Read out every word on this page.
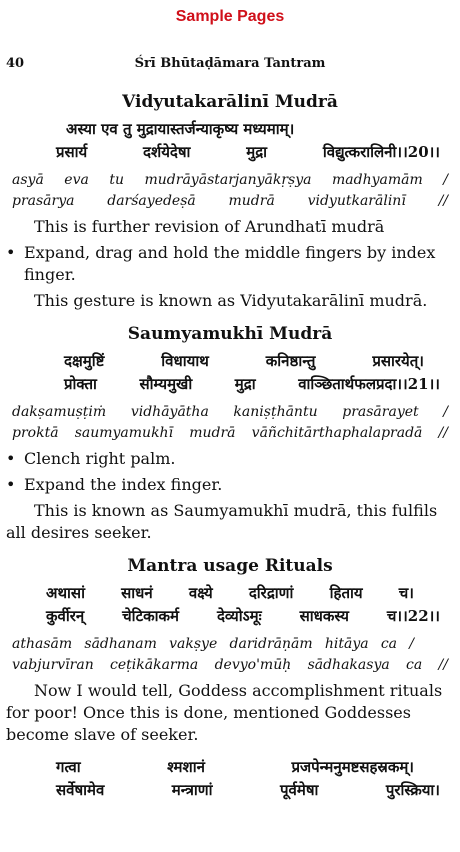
Sample Pages
40	Śrī Bhūtaḍāmara Tantram
Vidyutakarālinī Mudrā

अस्या एव तु मुद्रायास्तर्जन्याकृष्य मध्यमाम्।

प्रसार्य दर्शयेदेषा मुद्रा विद्युत्करालिनी।।20।।

asyā eva tu mudrāyāstarjanyākṛṣya madhyamām /
prasārya darśayedeṣā mudrā vidyutkarālinī //

This is further revision of Arundhatī mudrā

• Expand, drag and hold the middle fingers by index finger.

This gesture is known as Vidyutakarālinī mudrā.

Saumyamukhī Mudrā

दक्षमुष्टिं विधायाथ कनिष्ठान्तु प्रसारयेत्।

प्रोक्ता सौम्यमुखी मुद्रा वाञ्छितार्थफलप्रदा।।21।।

dakṣamuṣṭiṁ vidhāyātha kaniṣṭhāntu prasārayet /
proktā saumyamukhī mudrā vāñchitārthaphalapradā //
• Clench right palm.
• Expand the index finger.

This is known as Saumyamukhī mudrā, this fulfils all desires seeker.

Mantra usage Rituals

अथासां साधनं वक्ष्ये दरिद्राणां हिताय च।

कुर्वीरन् चेटिकाकर्म देव्योऽमूः साधकस्य च।।22।।

athasām sādhanam vakṣye daridrāṇām hitāya ca /
vabjurvīran ceṭikākarma devyo'mūḥ sādhakasya ca //

Now I would tell, Goddess accomplishment rituals for poor! Once this is done, mentioned Goddesses become slave of seeker.

गत्वा श्मशानं प्रजपेन्मनुमष्टसहस्रकम्।

सर्वेषामेव मन्त्राणां पूर्वमेषा पुरस्क्रिया।
